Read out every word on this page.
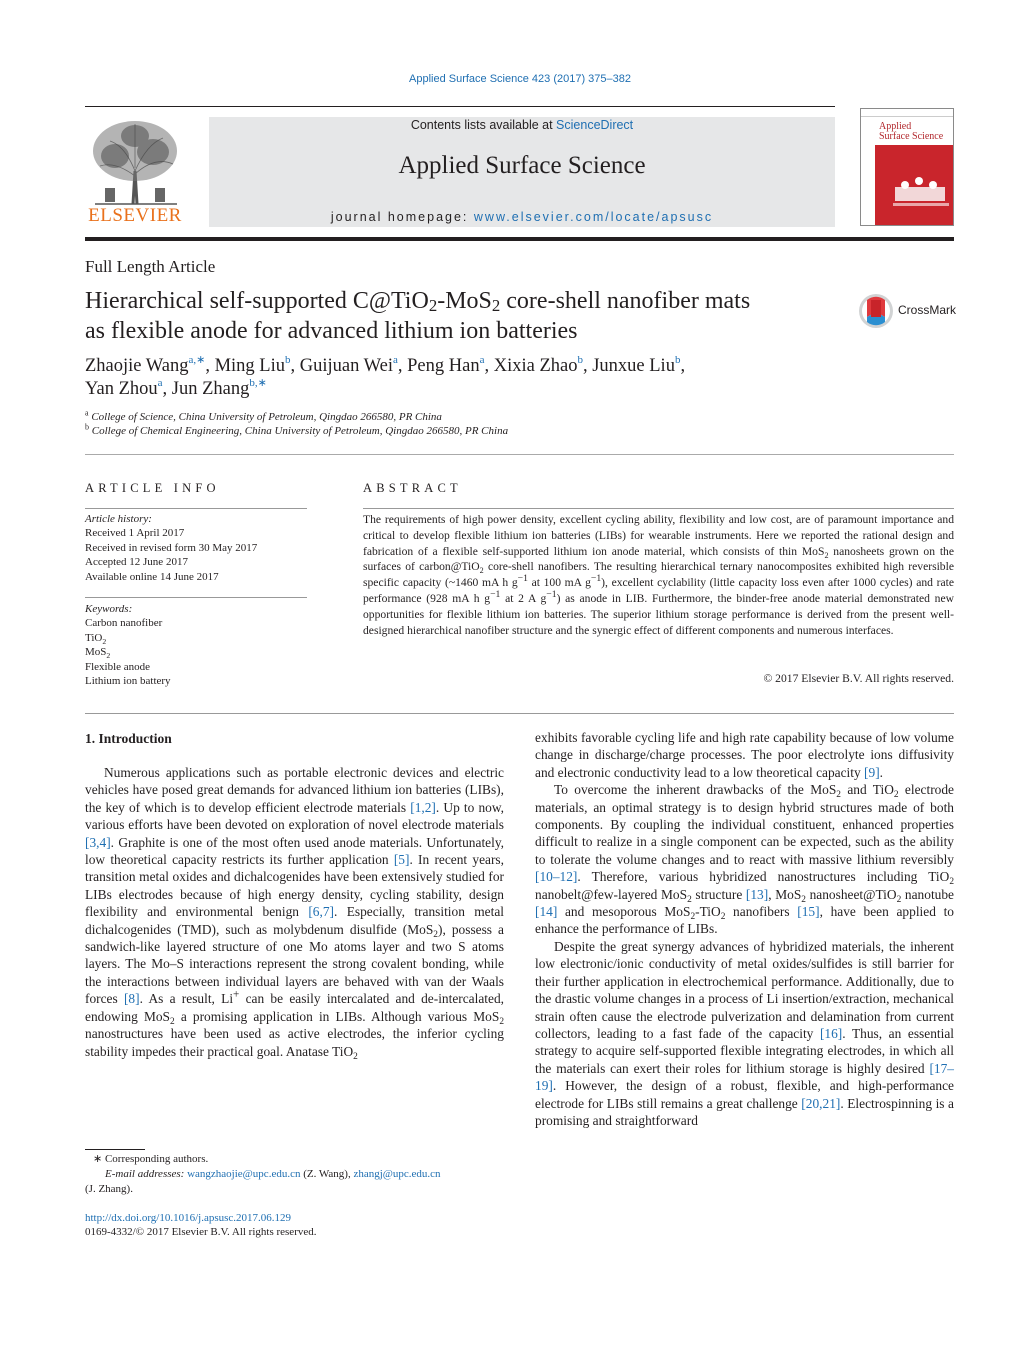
Applied Surface Science 423 (2017) 375–382
ELSEVIER
Contents lists available at ScienceDirect
Applied Surface Science
journal homepage: www.elsevier.com/locate/apsusc
Applied
Surface Science
Full Length Article
Hierarchical self-supported C@TiO$_2$-MoS$_2$ core-shell nanofiber mats
as flexible anode for advanced lithium ion batteries
CrossMark
Zhaojie Wang$^{a,∗}$, Ming Liu$^b$, Guijuan Wei$^a$, Peng Han$^a$, Xixia Zhao$^b$, Junxue Liu$^b$,
Yan Zhou$^a$, Jun Zhang$^{b,∗}$
$^a$ College of Science, China University of Petroleum, Qingdao 266580, PR China
$^b$ College of Chemical Engineering, China University of Petroleum, Qingdao 266580, PR China
ARTICLE INFO	ABSTRACT
Article history:
Received 1 April 2017
Received in revised form 30 May 2017
Accepted 12 June 2017
Available online 14 June 2017
Keywords:
Carbon nanofiber
TiO$_2$
MoS$_2$
Flexible anode
Lithium ion battery
The requirements of high power density, excellent cycling ability, flexibility and low cost, are of paramount importance and critical to develop flexible lithium ion batteries (LIBs) for wearable instruments. Here we reported the rational design and fabrication of a flexible self-supported lithium ion anode material, which consists of thin MoS$_2$ nanosheets grown on the surfaces of carbon@TiO$_2$ core-shell nanofibers. The resulting hierarchical ternary nanocomposites exhibited high reversible specific capacity (~1460 mA h $g^{-1}$ at 100 mA $g^{-1}$), excellent cyclability (little capacity loss even after 1000 cycles) and rate performance (928 mA h $g^{-1}$ at 2 A $g^{-1}$) as anode in LIB. Furthermore, the binder-free anode material demonstrated new opportunities for flexible lithium ion batteries. The superior lithium storage performance is derived from the present well-designed hierarchical nanofiber structure and the synergic effect of different components and numerous interfaces.
© 2017 Elsevier B.V. All rights reserved.
1. Introduction

Numerous applications such as portable electronic devices and electric vehicles have posed great demands for advanced lithium ion batteries (LIBs), the key of which is to develop efficient electrode materials [1,2]. Up to now, various efforts have been devoted on exploration of novel electrode materials [3,4]. Graphite is one of the most often used anode materials. Unfortunately, low theoretical capacity restricts its further application [5]. In recent years, transition metal oxides and dichalcogenides have been extensively studied for LIBs electrodes because of high energy density, cycling stability, design flexibility and environmental benign [6,7]. Especially, transition metal dichalcogenides (TMD), such as molybdenum disulfide (MoS$_2$), possess a sandwich-like layered structure of one Mo atoms layer and two S atoms layers. The Mo–S interactions represent the strong covalent bonding, while the interactions between individual layers are behaved with van der Waals forces [8]. As a result, Li+ can be easily intercalated and de-intercalated, endowing MoS$_2$ a promising application in LIBs. Although various MoS$_2$ nanostructures have been used as active electrodes, the inferior cycling stability impedes their practical goal. Anatase TiO$_2$

exhibits favorable cycling life and high rate capability because of low volume change in discharge/charge processes. The poor electrolyte ions diffusivity and electronic conductivity lead to a low theoretical capacity [9].

To overcome the inherent drawbacks of the MoS$_2$ and TiO$_2$ electrode materials, an optimal strategy is to design hybrid structures made of both components. By coupling the individual constituent, enhanced properties difficult to realize in a single component can be expected, such as the ability to tolerate the volume changes and to react with massive lithium reversibly [10–12]. Therefore, various hybridized nanostructures including TiO$_2$ nanobelt@few-layered MoS$_2$ structure [13], MoS$_2$ nanosheet@TiO$_2$ nanotube [14] and mesoporous MoS$_2$-TiO$_2$ nanofibers [15], have been applied to enhance the performance of LIBs.

Despite the great synergy advances of hybridized materials, the inherent low electronic/ionic conductivity of metal oxides/sulfides is still barrier for their further application in electrochemical performance. Additionally, due to the drastic volume changes in a process of Li insertion/extraction, mechanical strain often cause the electrode pulverization and delamination from current collectors, leading to a fast fade of the capacity [16]. Thus, an essential strategy to acquire self-supported flexible integrating electrodes, in which all the materials can exert their roles for lithium storage is highly desired [17–19]. However, the design of a robust, flexible, and high-performance electrode for LIBs still remains a great challenge [20,21]. Electrospinning is a promising and straightforward

∗ Corresponding authors.
E-mail addresses: wangzhaojie@upc.edu.cn (Z. Wang), zhangj@upc.edu.cn
(J. Zhang).
http://dx.doi.org/10.1016/j.apsusc.2017.06.129
0169-4332/© 2017 Elsevier B.V. All rights reserved.
